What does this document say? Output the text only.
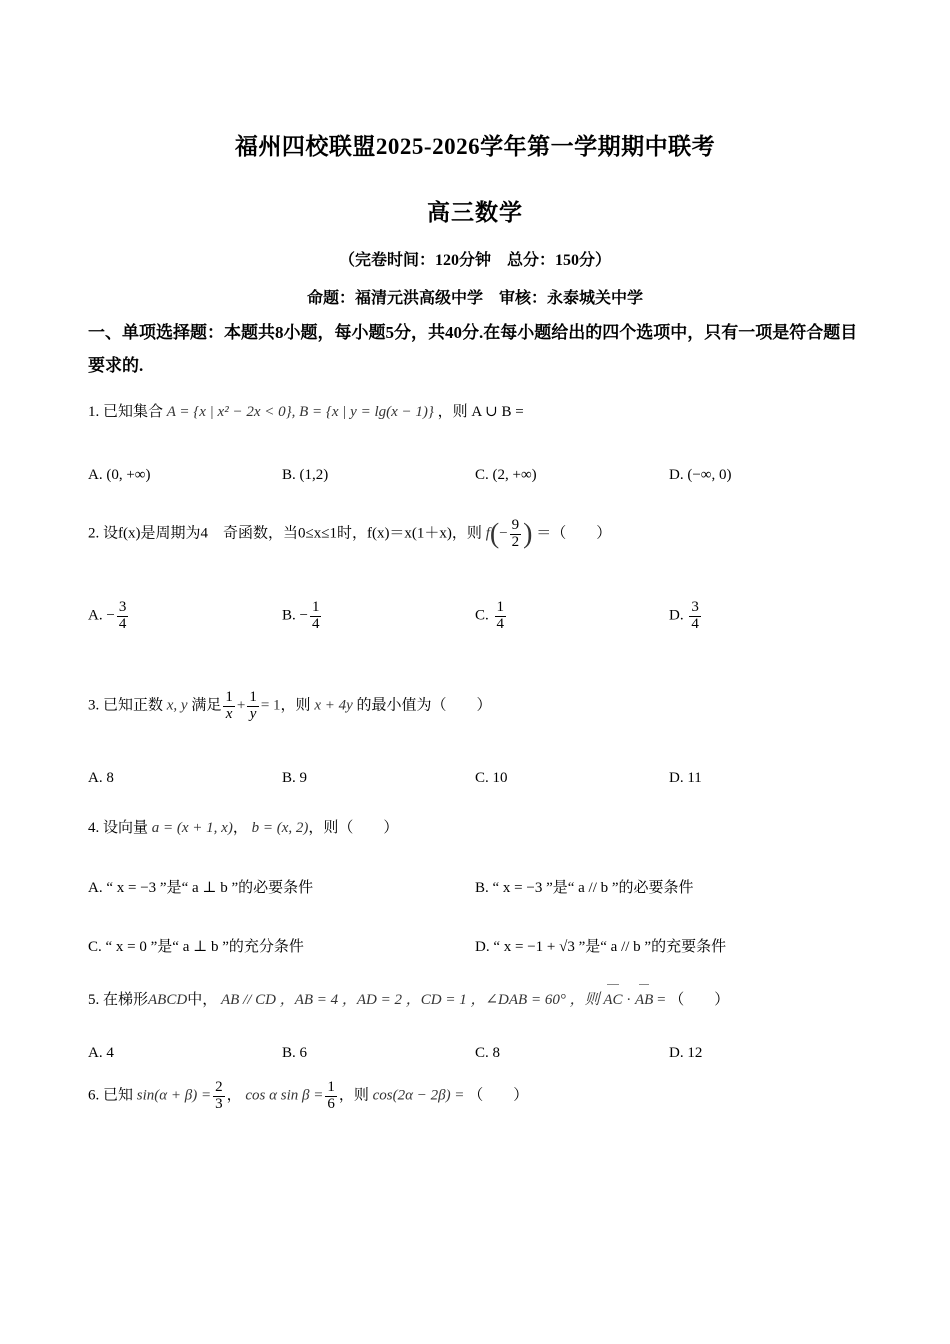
福州四校联盟2025-2026学年第一学期期中联考
高三数学
（完卷时间：120分钟　总分：150分）
命题：福清元洪高级中学　审核：永泰城关中学
一、单项选择题：本题共8小题，每小题5分，共40分.在每小题给出的四个选项中，只有一项是符合题目要求的.
1. 已知集合 A = {x | x² − 2x < 0}, B = {x | y = lg(x − 1)} ，则 A ∪ B =
A. (0, +∞)	B. (1,2)	C. (2, +∞)	D. (−∞, 0)
2. 设f(x)是周期为4　奇函数，当0≤x≤1时，f(x)＝x(1＋x)，则 $f(- \frac{9}{2}$ ) ＝（　　）
A. − $\frac{3}{4}$	B. − $\frac{1}{4}$	C. $\frac{1}{4}$	D. $\frac{3}{4}$
3. 已知正数 x, y 满足 $\frac{1}{x} + \frac{1}{y} = 1$，则 x + 4y 的最小值为（　　）
A. 8	B. 9	C. 10	D. 11
4. 设向量 a = (x + 1, x)， b = (x, 2)，则（　　）
A. “ x = −3 ”是“ a ⊥ b ”的必要条件	B. “ x = −3 ”是“ a // b ”的必要条件
C. “ x = 0 ”是“ a ⊥ b ”的充分条件	D. “ x = −1 + √3 ”是“ a // b ”的充要条件
5. 在梯形ABCD中， AB // CD ，AB = 4 ，AD = 2 ，CD = 1 ，∠DAB = 60° ，则 AC · AB = （　　）
A. 4	B. 6	C. 8	D. 12
6. 已知 $\sin(\alpha + \beta) = \frac{2}{3}$ ， cos α $\sin \beta = \frac{1}{6}$ ，则 cos(2α − 2β) = （　　）
